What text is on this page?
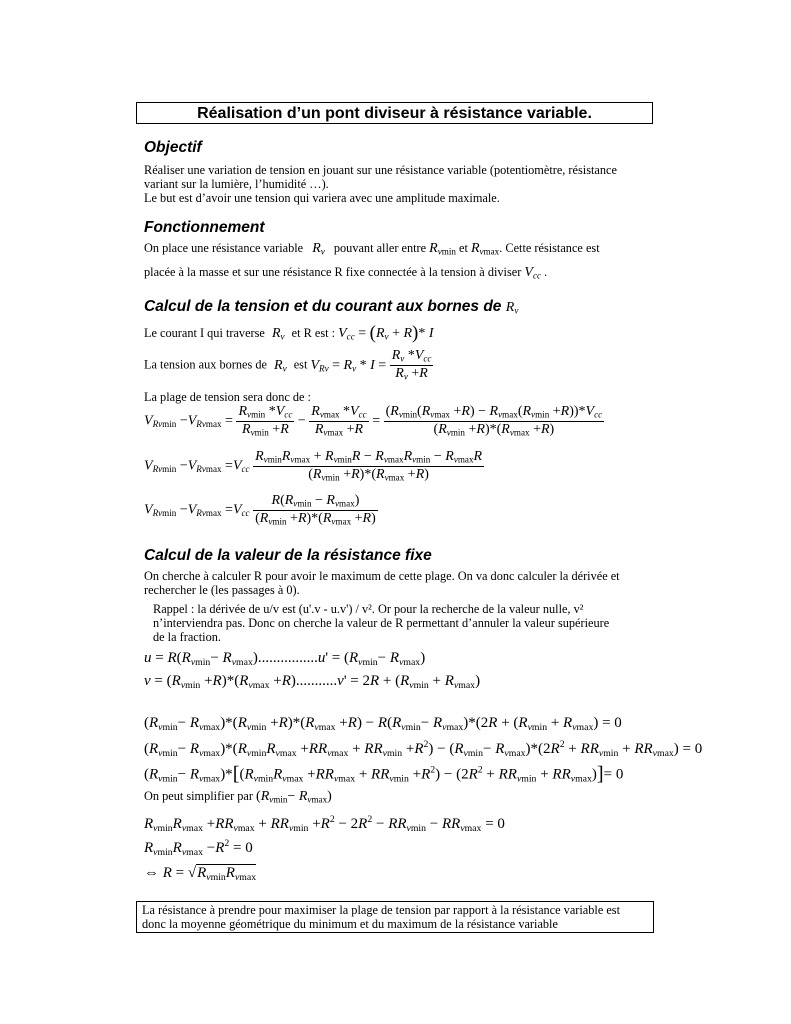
Réalisation d’un pont diviseur à résistance variable.
Objectif
Réaliser une variation de tension en jouant sur une résistance variable (potentiomètre, résistance
variant sur la lumière, l’humidité …).
Le but est d’avoir une tension qui variera avec une amplitude maximale.
Fonctionnement
On place une résistance variable $R_v$ pouvant aller entre $R_{vmin}$ et $R_{vmax}$. Cette résistance est
placée à la masse et sur une résistance R fixe connectée à la tension à diviser $V_{cc}$ .
Calcul de la tension et du courant aux bornes de $R_v$
Le courant I qui traverse $R_v$ et R est : $V_{cc} = (R_v + R)*$ I
La tension aux bornes de $R_v$ est $V_{Rv} = R_v * I = \frac{R_v *V_{cc}}{R_v +R}$
La plage de tension sera donc de :
$V_{Rvmin} -V_{Rvmax} = \frac{R_{vmin} *V_{cc}}{R_{vmin} +R} - \frac{R_{vmax} *V_{cc}}{R_{vmax} +R} = \frac{(R_{vmin}(R_{vmax} +R) - R_{vmax}(R_{vmin} +R))*V_{cc}}{(R_{vmin} +R)*(R_{vmax} +R)}$
$V_{Rvmin} -V_{Rvmax} =V_{cc} \frac{R_{vmin}R_{vmax} + R_{vmin}R - R_{vmax}R_{vmin} - R_{vmax}R}{(R_{vmin} +R)*(R_{vmax} +R)}$
$V_{Rvmin} -V_{Rvmax} =V_{cc} \frac{R(R_{vmin} - R_{vmax})}{(R_{vmin} +R)*(R_{vmax} +R)}$
Calcul de la valeur de la résistance fixe
On cherche à calculer R pour avoir le maximum de cette plage. On va donc calculer la dérivée et
rechercher le (les passages à 0).
Rappel : la dérivée de u/v est (u'.v - u.v') / v². Or pour la recherche de la valeur nulle, v²
n’interviendra pas. Donc on cherche la valeur de R permettant d’annuler la valeur supérieure
de la fraction.
$u = R(R_{vmin}- R_{vmax})................u' = (R_{vmin}- R_{vmax})$
$v = (R_{vmin} +R)*(R_{vmax} +R)...........v' = 2R + (R_{vmin} + R_{vmax})$
$(R_{vmin}- R_{vmax})*(R_{vmin} +R)*(R_{vmax} +R) - R(R_{vmin}- R_{vmax})*(2R + (R_{vmin} + R_{vmax}) = 0$
$(R_{vmin}- R_{vmax})*(R_{vmin}R_{vmax} +RR_{vmax} + RR_{vmin} +R^2) - (R_{vmin}- R_{vmax})*(2R^2 + RR_{vmin} + RR_{vmax}) = 0$
$(R_{vmin}- R_{vmax})*[(R_{vmin}R_{vmax} +RR_{vmax} + RR_{vmin} +R^2) - (2R^2 + RR_{vmin} + RR_{vmax})]= 0$
On peut simplifier par $(R_{vmin}- R_{vmax})$
$R_{vmin}R_{vmax} +RR_{vmax} + RR_{vmin} +R^2 - 2R^2 - RR_{vmin} - RR_{vmax} = 0$
$R_{vmin}R_{vmax} -R^2 = 0$
⇔ $R = √R_{vmin}R_{vmax}$
La résistance à prendre pour maximiser la plage de tension par rapport à la résistance variable est
donc la moyenne géométrique du minimum et du maximum de la résistance variable
